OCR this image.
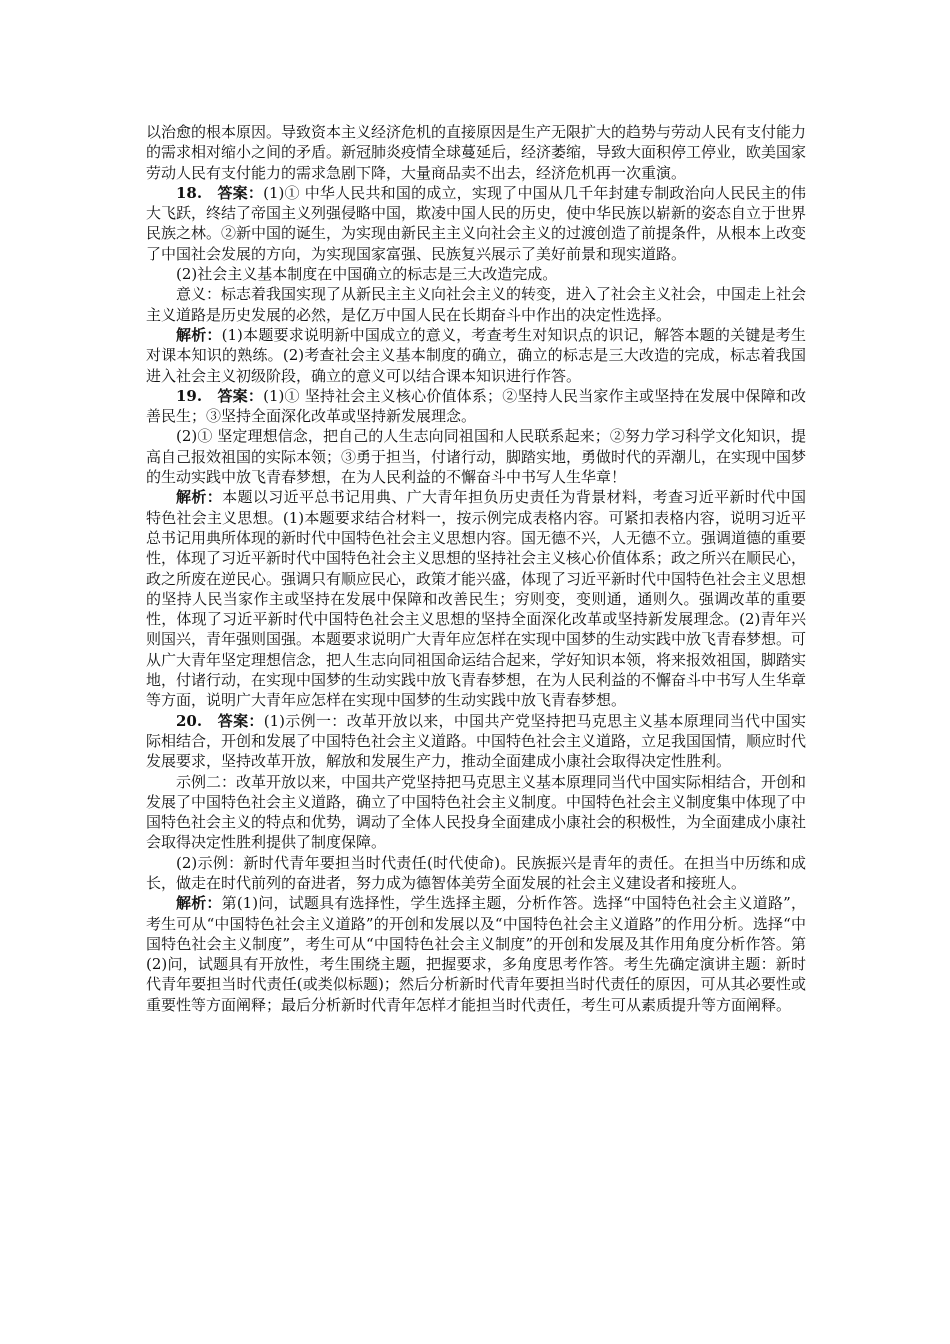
以治愈的根本原因。导致资本主义经济危机的直接原因是生产无限扩大的趋势与劳动人民有支付能力的需求相对缩小之间的矛盾。新冠肺炎疫情全球蔓延后，经济萎缩，导致大面积停工停业，欧美国家劳动人民有支付能力的需求急剧下降，大量商品卖不出去，经济危机再一次重演。

18.　答案：(1)① 中华人民共和国的成立，实现了中国从几千年封建专制政治向人民民主的伟大飞跃，终结了帝国主义列强侵略中国，欺凌中国人民的历史，使中华民族以崭新的姿态自立于世界民族之林。②新中国的诞生，为实现由新民主主义向社会主义的过渡创造了前提条件，从根本上改变了中国社会发展的方向，为实现国家富强、民族复兴展示了美好前景和现实道路。

(2)社会主义基本制度在中国确立的标志是三大改造完成。

意义：标志着我国实现了从新民主主义向社会主义的转变，进入了社会主义社会，中国走上社会主义道路是历史发展的必然，是亿万中国人民在长期奋斗中作出的决定性选择。

解析：(1)本题要求说明新中国成立的意义，考查考生对知识点的识记，解答本题的关键是考生对课本知识的熟练。(2)考查社会主义基本制度的确立，确立的标志是三大改造的完成，标志着我国进入社会主义初级阶段，确立的意义可以结合课本知识进行作答。

19.　答案：(1)① 坚持社会主义核心价值体系；②坚持人民当家作主或坚持在发展中保障和改善民生；③坚持全面深化改革或坚持新发展理念。

(2)① 坚定理想信念，把自己的人生志向同祖国和人民联系起来；②努力学习科学文化知识，提高自己报效祖国的实际本领；③勇于担当，付诸行动，脚踏实地，勇做时代的弄潮儿，在实现中国梦的生动实践中放飞青春梦想，在为人民利益的不懈奋斗中书写人生华章！

解析：本题以习近平总书记用典、广大青年担负历史责任为背景材料，考查习近平新时代中国特色社会主义思想。(1)本题要求结合材料一，按示例完成表格内容。可紧扣表格内容，说明习近平总书记用典所体现的新时代中国特色社会主义思想内容。国无德不兴，人无德不立。强调道德的重要性，体现了习近平新时代中国特色社会主义思想的坚持社会主义核心价值体系；政之所兴在顺民心，政之所废在逆民心。强调只有顺应民心，政策才能兴盛，体现了习近平新时代中国特色社会主义思想的坚持人民当家作主或坚持在发展中保障和改善民生；穷则变，变则通，通则久。强调改革的重要性，体现了习近平新时代中国特色社会主义思想的坚持全面深化改革或坚持新发展理念。(2)青年兴则国兴，青年强则国强。本题要求说明广大青年应怎样在实现中国梦的生动实践中放飞青春梦想。可从广大青年坚定理想信念，把人生志向同祖国命运结合起来，学好知识本领，将来报效祖国，脚踏实地，付诸行动，在实现中国梦的生动实践中放飞青春梦想，在为人民利益的不懈奋斗中书写人生华章等方面，说明广大青年应怎样在实现中国梦的生动实践中放飞青春梦想。

20.　答案：(1)示例一：改革开放以来，中国共产党坚持把马克思主义基本原理同当代中国实际相结合，开创和发展了中国特色社会主义道路。中国特色社会主义道路，立足我国国情，顺应时代发展要求，坚持改革开放，解放和发展生产力，推动全面建成小康社会取得决定性胜利。

示例二：改革开放以来，中国共产党坚持把马克思主义基本原理同当代中国实际相结合，开创和发展了中国特色社会主义道路，确立了中国特色社会主义制度。中国特色社会主义制度集中体现了中国特色社会主义的特点和优势，调动了全体人民投身全面建成小康社会的积极性，为全面建成小康社会取得决定性胜利提供了制度保障。

(2)示例：新时代青年要担当时代责任(时代使命)。民族振兴是青年的责任。在担当中历练和成长，做走在时代前列的奋进者，努力成为德智体美劳全面发展的社会主义建设者和接班人。

解析：第(1)问，试题具有选择性，学生选择主题，分析作答。选择“中国特色社会主义道路”，考生可从“中国特色社会主义道路”的开创和发展以及“中国特色社会主义道路”的作用分析。选择“中国特色社会主义制度”，考生可从“中国特色社会主义制度”的开创和发展及其作用角度分析作答。第(2)问，试题具有开放性，考生围绕主题，把握要求，多角度思考作答。考生先确定演讲主题：新时代青年要担当时代责任(或类似标题)；然后分析新时代青年要担当时代责任的原因，可从其必要性或重要性等方面阐释；最后分析新时代青年怎样才能担当时代责任，考生可从素质提升等方面阐释。
